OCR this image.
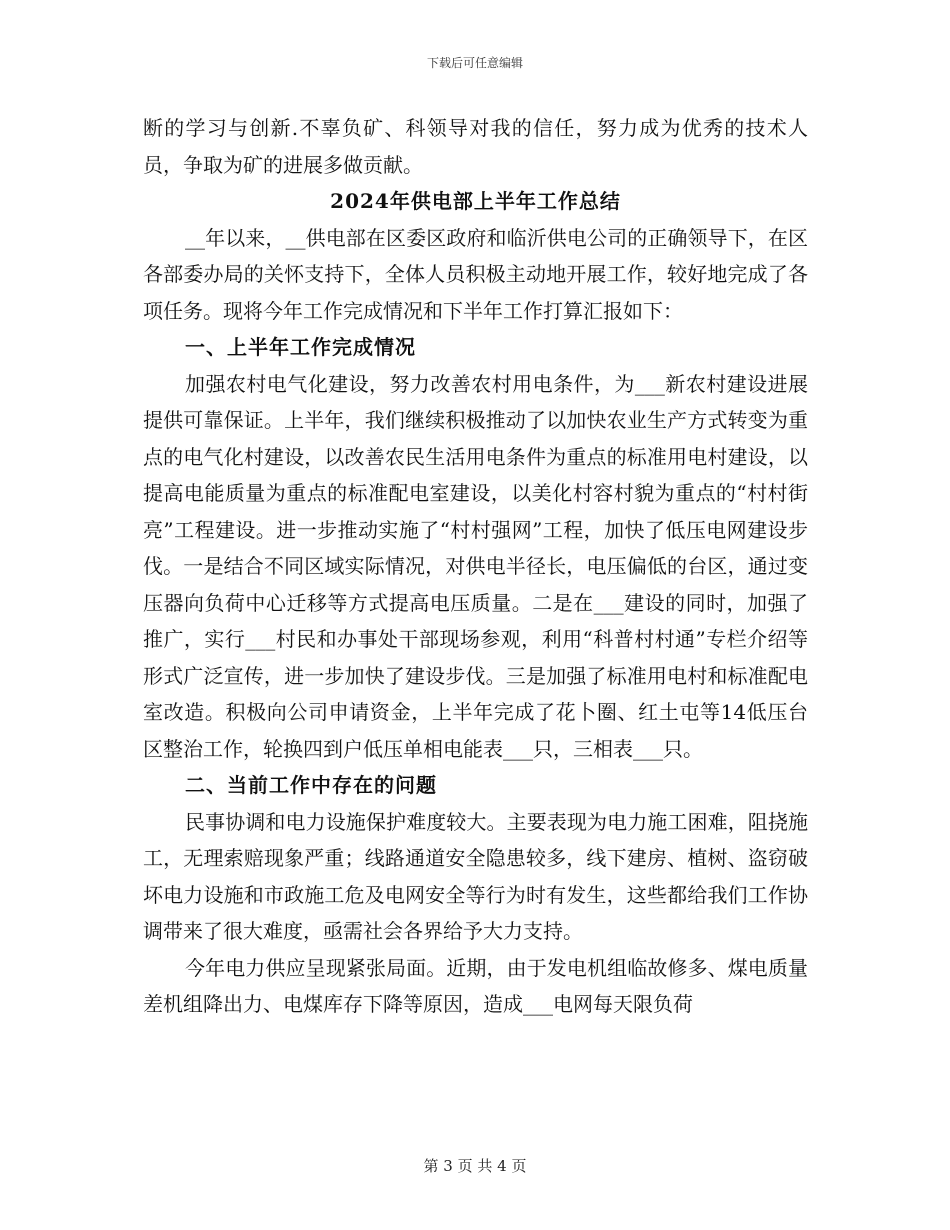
下载后可任意编辑

断的学习与创新.不辜负矿、科领导对我的信任，努力成为优秀的技术人员，争取为矿的进展多做贡献。

2024年供电部上半年工作总结

__年以来，__供电部在区委区政府和临沂供电公司的正确领导下，在区各部委办局的关怀支持下，全体人员积极主动地开展工作，较好地完成了各项任务。现将今年工作完成情况和下半年工作打算汇报如下：

一、上半年工作完成情况

加强农村电气化建设，努力改善农村用电条件，为___新农村建设进展提供可靠保证。上半年，我们继续积极推动了以加快农业生产方式转变为重点的电气化村建设，以改善农民生活用电条件为重点的标准用电村建设，以提高电能质量为重点的标准配电室建设，以美化村容村貌为重点的“村村街亮”工程建设。进一步推动实施了“村村强网”工程，加快了低压电网建设步伐。一是结合不同区域实际情况，对供电半径长，电压偏低的台区，通过变压器向负荷中心迁移等方式提高电压质量。二是在___建设的同时，加强了推广，实行___村民和办事处干部现场参观，利用“科普村村通”专栏介绍等形式广泛宣传，进一步加快了建设步伐。三是加强了标准用电村和标准配电室改造。积极向公司申请资金，上半年完成了花卜圈、红土屯等14低压台区整治工作，轮换四到户低压单相电能表___只，三相表___只。

二、当前工作中存在的问题

民事协调和电力设施保护难度较大。主要表现为电力施工困难，阻挠施工，无理索赔现象严重；线路通道安全隐患较多，线下建房、植树、盗窃破坏电力设施和市政施工危及电网安全等行为时有发生，这些都给我们工作协调带来了很大难度，亟需社会各界给予大力支持。

今年电力供应呈现紧张局面。近期，由于发电机组临故修多、煤电质量差机组降出力、电煤库存下降等原因，造成___电网每天限负荷

第 3 页 共 4 页
